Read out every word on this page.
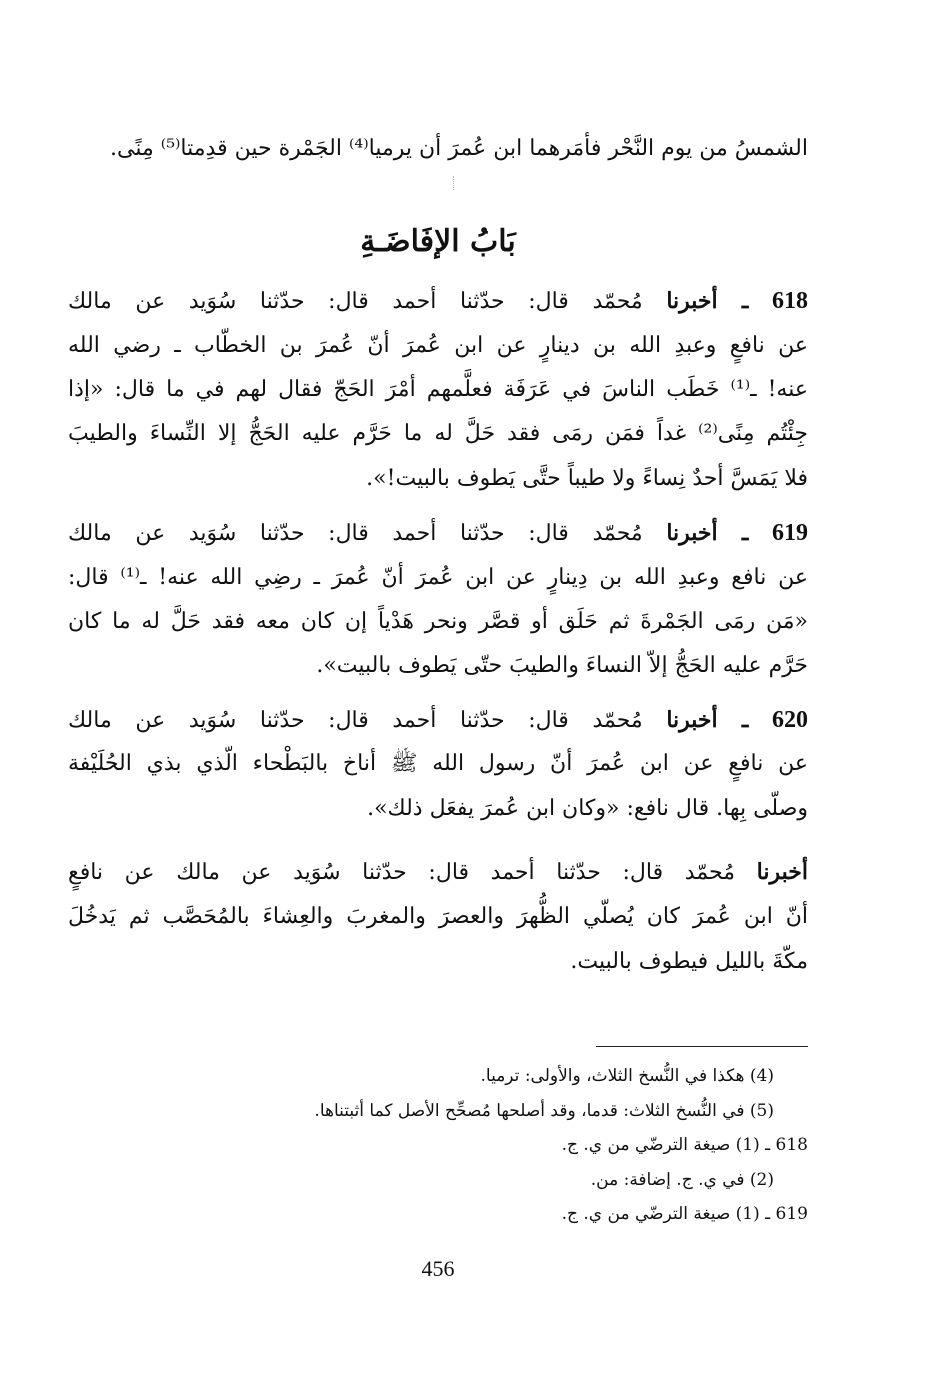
الشمسُ من يوم النَّحْر فأمَرهما ابن عُمرَ أن يرميا⁽⁴⁾ الجَمْرة حين قدِمتا⁽⁵⁾ مِنًى.
بَابُ الإفَاضَـةِ
618 ـ أخبرنا مُحمّد قال: حدّثنا أحمد قال: حدّثنا سُوَيد عن مالك
عن نافعٍ وعبدِ الله بن دينارٍ عن ابن عُمرَ أنّ عُمرَ بن الخطّاب ـ رضي الله
عنه! ـ⁽¹⁾ خَطَب الناسَ في عَرَفَة فعلَّمهم أمْرَ الحَجّ فقال لهم في ما قال: «إذا
جِئْتُم مِنًى⁽²⁾ غداً فمَن رمَى فقد حَلَّ له ما حَرَّم عليه الحَجُّ إلا النِّساءَ والطيبَ
فلا يَمَسَّ أحدٌ نِساءً ولا طيباً حتَّى يَطوف بالبيت!».
619 ـ أخبرنا مُحمّد قال: حدّثنا أحمد قال: حدّثنا سُوَيد عن مالك
عن نافع وعبدِ الله بن دِينارٍ عن ابن عُمرَ أنّ عُمرَ ـ رضِي الله عنه! ـ⁽¹⁾ قال:
«مَن رمَى الجَمْرةَ ثم حَلَق أو قصَّر ونحر هَدْياً إن كان معه فقد حَلَّ له ما كان
حَرَّم عليه الحَجُّ إلاّ النساءَ والطيبَ حتّى يَطوف بالبيت».
620 ـ أخبرنا مُحمّد قال: حدّثنا أحمد قال: حدّثنا سُوَيد عن مالك
عن نافعٍ عن ابن عُمرَ أنّ رسول الله ﷺ أناخ بالبَطْحاء الّذي بذي الحُلَيْفة
وصلّى بِها. قال نافع: «وكان ابن عُمرَ يفعَل ذلك».
أخبرنا مُحمّد قال: حدّثنا أحمد قال: حدّثنا سُوَيد عن مالك عن نافعٍ
أنّ ابن عُمرَ كان يُصلّي الظُّهرَ والعصرَ والمغربَ والعِشاءَ بالمُحَصَّب ثم يَدخُلَ
مكّةَ بالليل فيطوف بالبيت.
(4) هكذا في النُّسخ الثلاث، والأولى: ترميا.
(5) في النُّسخ الثلاث: قدما، وقد أصلحها مُصحِّح الأصل كما أثبتناها.
618 ـ (1) صيغة الترضّي من ي. ج.
(2) في ي. ج. إضافة: من.
619 ـ (1) صيغة الترضّي من ي. ج.
456
